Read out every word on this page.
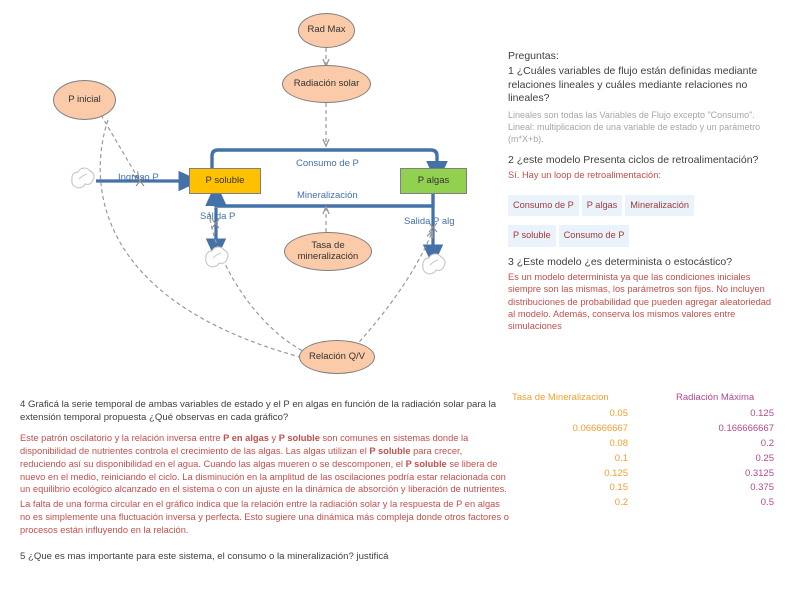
Rad Max
Radiación solar
P inicial
Tasa de
mineralización
Relación Q/V
P soluble	P algas
Ingreso P
Consumo de P
Mineralización
Salida P	Salida P alg

Preguntas:

1 ¿Cuáles variables de flujo están definidas mediante relaciones lineales y cuáles mediante relaciones no lineales?

Lineales son todas las Variables de Flujo excepto "Consumo". Lineal: multiplicacion de una variable de estado y un parámetro (m*X+b).

2 ¿este modelo Presenta ciclos de retroalimentación?

Sí. Hay un loop de retroalimentación:

Consumo de P P algas Mineralización
P soluble Consumo de P

3 ¿Este modelo ¿es determinista o estocástico?

Es un modelo determinista ya que las condiciones iniciales siempre son las mismas, los parámetros son fijos. No incluyen distribuciones de probabilidad que pueden agregar aleatoriedad al modelo. Además, conserva los mismos valores entre simulaciones

4 Graficá la serie temporal de ambas variables de estado y el P en algas en función de la radiación solar para la extensión temporal propuesta ¿Qué observas en cada gráfico?

Este patrón oscilatorio y la relación inversa entre P en algas y P soluble son comunes en sistemas donde la disponibilidad de nutrientes controla el crecimiento de las algas. Las algas utilizan el P soluble para crecer, reduciendo así su disponibilidad en el agua. Cuando las algas mueren o se descomponen, el P soluble se libera de nuevo en el medio, reiniciando el ciclo. La disminución en la amplitud de las oscilaciones podría estar relacionada con un equilibrio ecológico alcanzado en el sistema o con un ajuste en la dinámica de absorción y liberación de nutrientes.

La falta de una forma circular en el gráfico indica que la relación entre la radiación solar y la respuesta de P en algas no es simplemente una fluctuación inversa y perfecta. Esto sugiere una dinámica más compleja donde otros factores o procesos están influyendo en la relación.

5 ¿Que es mas importante para este sistema, el consumo o la mineralización? justificá

Tasa de Mineralizacion	Radiación Máxima
0.05	0.125
0.066666667	0.166666667
0.08	0.2
0.1	0.25
0.125	0.3125
0.15	0.375
0.2	0.5
